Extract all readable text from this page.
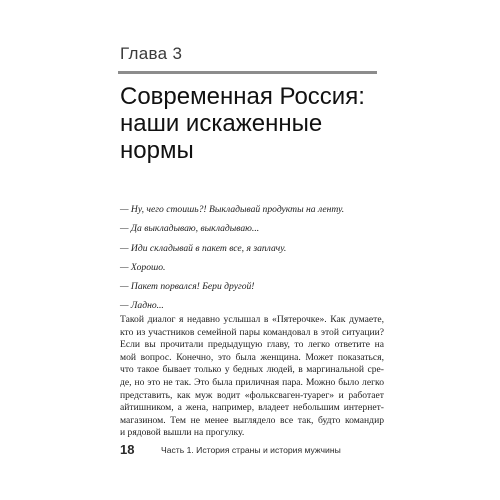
Глава 3
Современная Россия:
наши искаженные
нормы
— Ну, чего стоишь?! Выкладывай продукты на ленту.
— Да выкладываю, выкладываю...
— Иди складывай в пакет все, я заплачу.
— Хорошо.
— Пакет порвался! Бери другой!
— Ладно...
Такой диалог я недавно услышал в «Пятерочке». Как думаете,
кто из участников семейной пары командовал в этой ситуации?
Если вы прочитали предыдущую главу, то легко ответите на
мой вопрос. Конечно, это была женщина. Может показаться,
что такое бывает только у бедных людей, в маргинальной сре-
де, но это не так. Это была приличная пара. Можно было легко
представить, как муж водит «фольксваген-туарег» и работает
айтишником, а жена, например, владеет небольшим интернет-
магазином. Тем не менее выглядело все так, будто командир
и рядовой вышли на прогулку.
18	Часть 1. История страны и история мужчины
